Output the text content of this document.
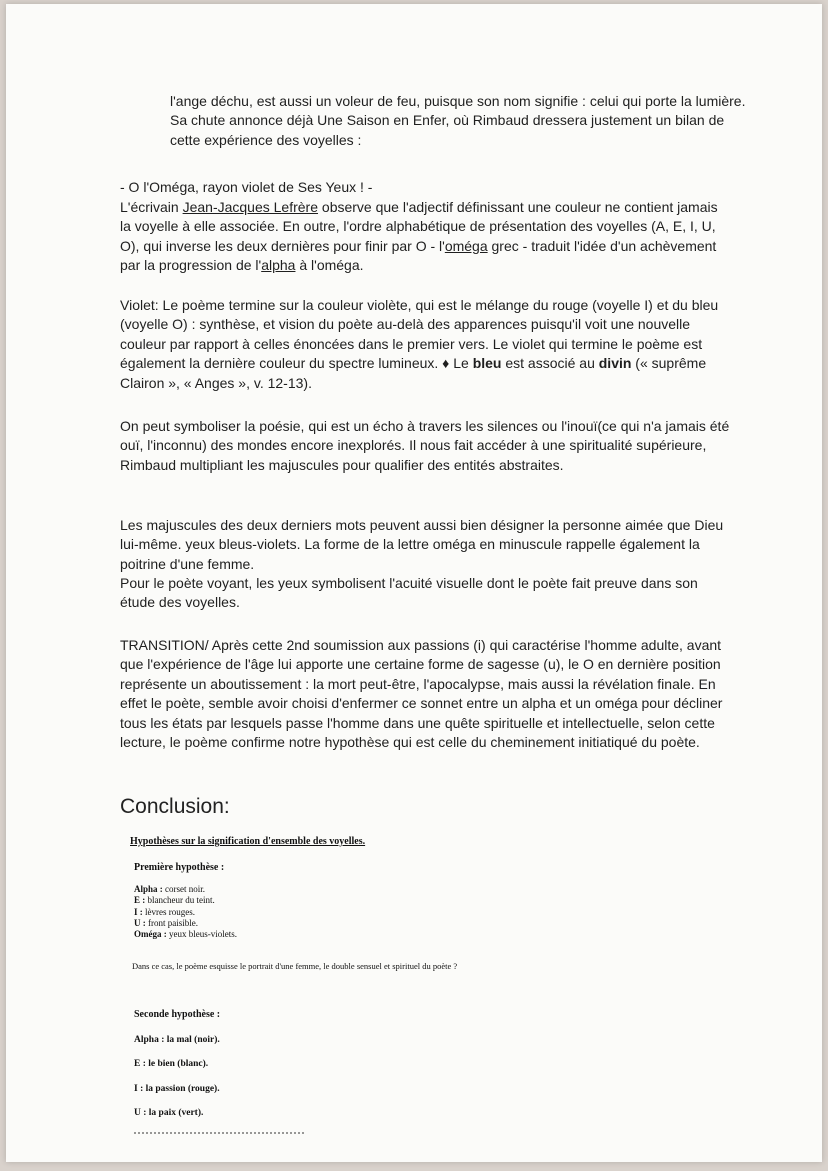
l'ange déchu, est aussi un voleur de feu, puisque son nom signifie : celui qui porte la lumière. Sa chute annonce déjà Une Saison en Enfer, où Rimbaud dressera justement un bilan de cette expérience des voyelles :

- O l'Oméga, rayon violet de Ses Yeux ! -

L'écrivain Jean-Jacques Lefrère observe que l'adjectif définissant une couleur ne contient jamais la voyelle à elle associée. En outre, l'ordre alphabétique de présentation des voyelles (A, E, I, U, O), qui inverse les deux dernières pour finir par O - l'oméga grec - traduit l'idée d'un achèvement par la progression de l'alpha à l'oméga.

Violet: Le poème termine sur la couleur violète, qui est le mélange du rouge (voyelle I) et du bleu (voyelle O) : synthèse, et vision du poète au-delà des apparences puisqu'il voit une nouvelle couleur par rapport à celles énoncées dans le premier vers. Le violet qui termine le poème est également la dernière couleur du spectre lumineux. ♦ Le bleu est associé au divin (« suprême Clairon », « Anges », v. 12-13).

On peut symboliser la poésie, qui est un écho à travers les silences ou l'inouï(ce qui n'a jamais été ouï, l'inconnu) des mondes encore inexplorés. Il nous fait accéder à une spiritualité supérieure, Rimbaud multipliant les majuscules pour qualifier des entités abstraites.

Les majuscules des deux derniers mots peuvent aussi bien désigner la personne aimée que Dieu lui-même. yeux bleus-violets. La forme de la lettre oméga en minuscule rappelle également la poitrine d'une femme.

Pour le poète voyant, les yeux symbolisent l'acuité visuelle dont le poète fait preuve dans son étude des voyelles.

TRANSITION/ Après cette 2nd soumission aux passions (i) qui caractérise l'homme adulte, avant que l'expérience de l'âge lui apporte une certaine forme de sagesse (u), le O en dernière position représente un aboutissement : la mort peut-être, l'apocalypse, mais aussi la révélation finale. En effet le poète, semble avoir choisi d'enfermer ce sonnet entre un alpha et un oméga pour décliner tous les états par lesquels passe l'homme dans une quête spirituelle et intellectuelle, selon cette lecture, le poème confirme notre hypothèse qui est celle du cheminement initiatiqué du poète.

Conclusion:
Hypothèses sur la signification d'ensemble des voyelles.
Première hypothèse :
Alpha : corset noir.
E : blancheur du teint.
I : lèvres rouges.
U : front paisible.
Oméga : yeux bleus-violets.
Dans ce cas, le poème esquisse le portrait d'une femme, le double sensuel et spirituel du poète ?
Seconde hypothèse :
Alpha : la mal (noir).
E : le bien (blanc).
I : la passion (rouge).
U : la paix (vert).
